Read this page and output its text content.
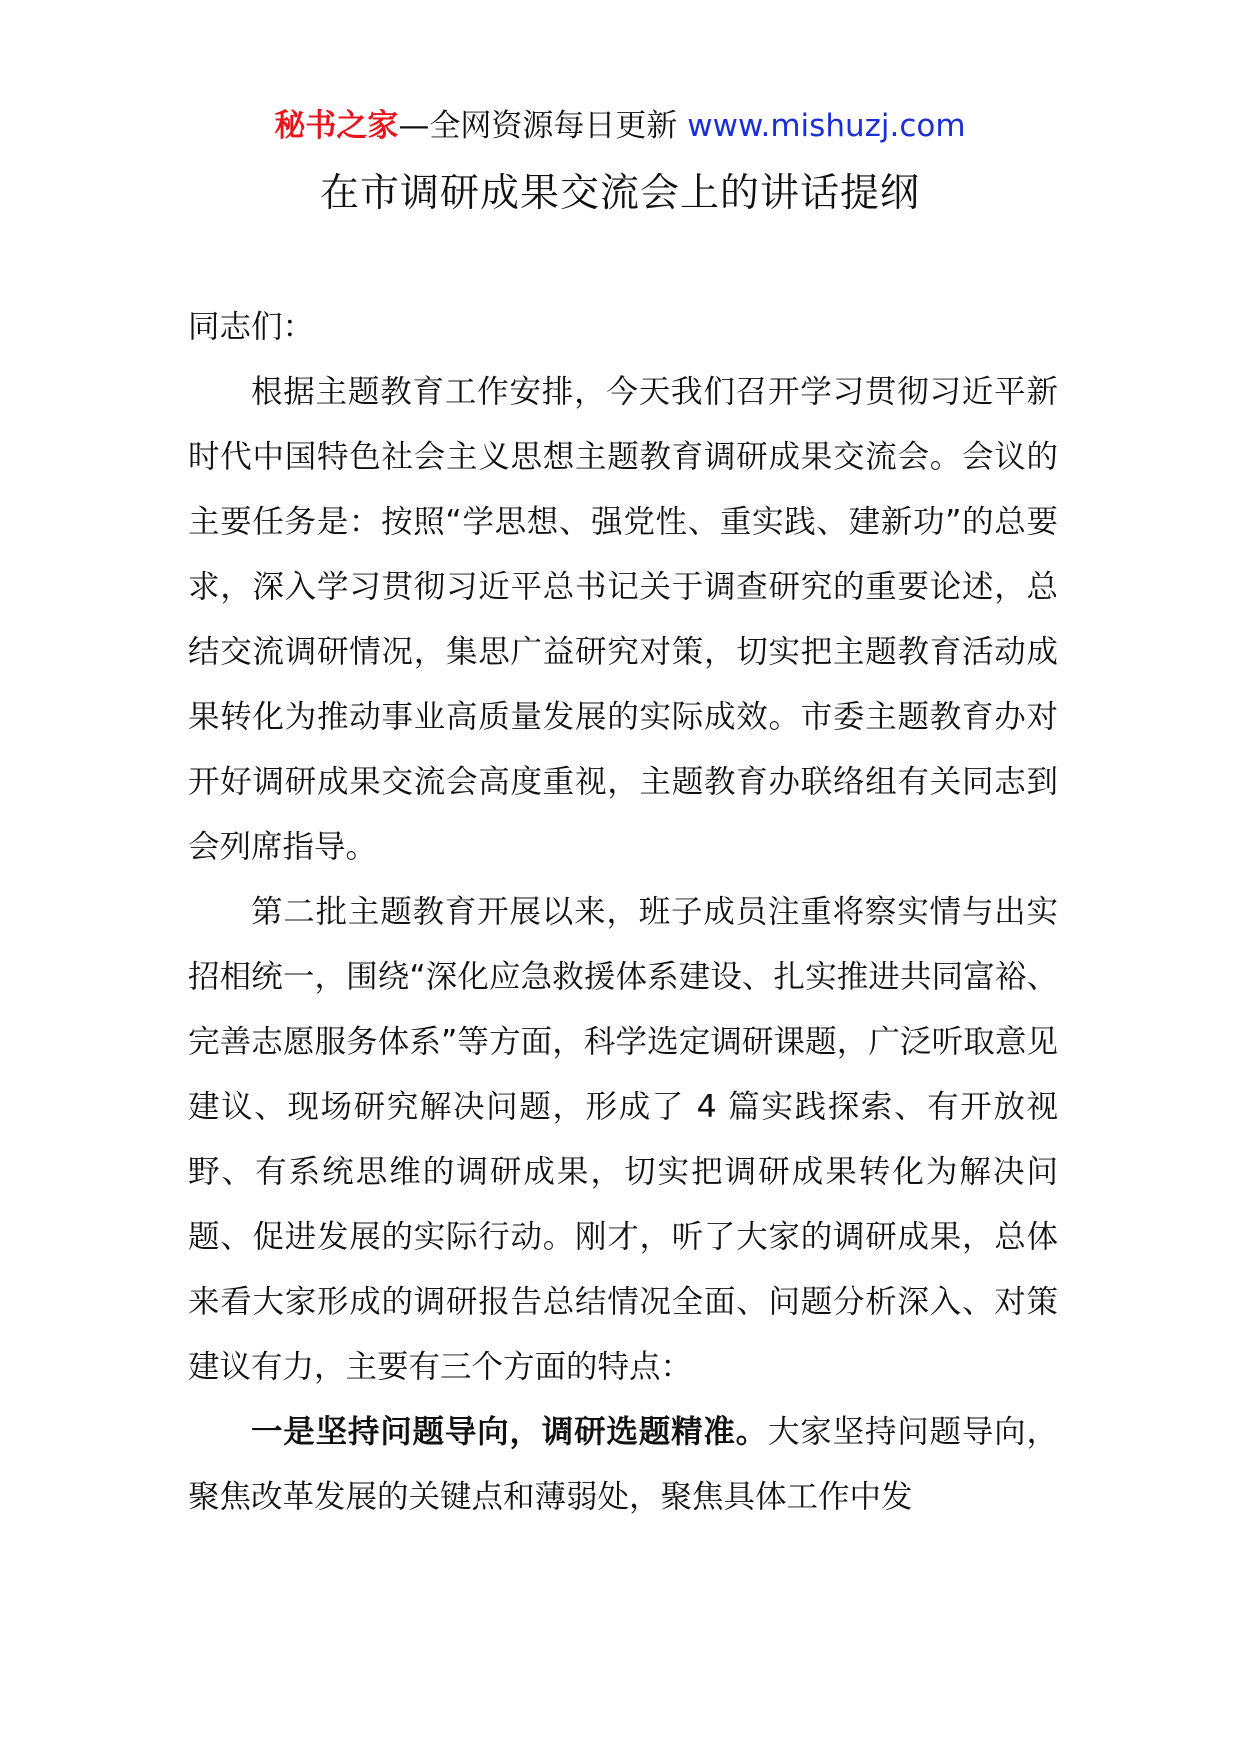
秘书之家—全网资源每日更新 www.mishuzj.com
在市调研成果交流会上的讲话提纲

同志们：

根据主题教育工作安排，今天我们召开学习贯彻习近平新时代中国特色社会主义思想主题教育调研成果交流会。会议的主要任务是：按照“学思想、强党性、重实践、建新功”的总要求，深入学习贯彻习近平总书记关于调查研究的重要论述，总结交流调研情况，集思广益研究对策，切实把主题教育活动成果转化为推动事业高质量发展的实际成效。市委主题教育办对开好调研成果交流会高度重视，主题教育办联络组有关同志到会列席指导。

第二批主题教育开展以来，班子成员注重将察实情与出实招相统一，围绕“深化应急救援体系建设、扎实推进共同富裕、完善志愿服务体系”等方面，科学选定调研课题，广泛听取意见建议、现场研究解决问题，形成了 4 篇实践探索、有开放视野、有系统思维的调研成果，切实把调研成果转化为解决问题、促进发展的实际行动。刚才，听了大家的调研成果，总体来看大家形成的调研报告总结情况全面、问题分析深入、对策建议有力，主要有三个方面的特点：

一是坚持问题导向，调研选题精准。大家坚持问题导向，聚焦改革发展的关键点和薄弱处，聚焦具体工作中发
